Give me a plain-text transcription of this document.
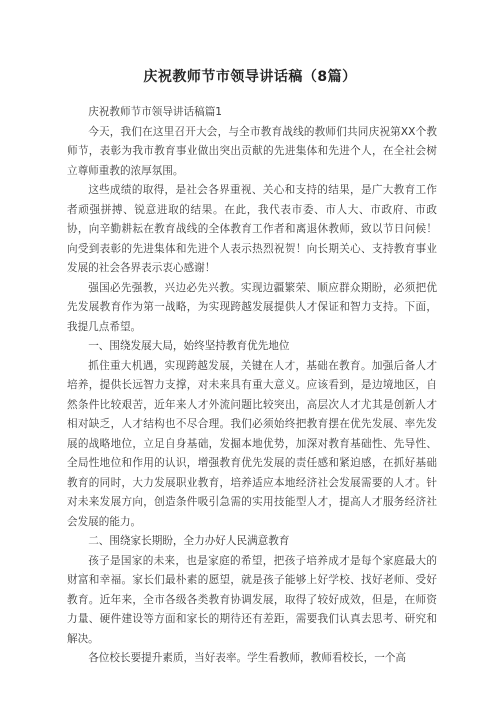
庆祝教师节市领导讲话稿（8篇）

庆祝教师节市领导讲话稿篇1

今天，我们在这里召开大会，与全市教育战线的教师们共同庆祝第XX个教师节，表彰为我市教育事业做出突出贡献的先进集体和先进个人，在全社会树立尊师重教的浓厚氛围。

这些成绩的取得，是社会各界重视、关心和支持的结果，是广大教育工作者顽强拼搏、锐意进取的结果。在此，我代表市委、市人大、市政府、市政协，向辛勤耕耘在教育战线的全体教育工作者和离退休教师，致以节日问候！向受到表彰的先进集体和先进个人表示热烈祝贺！向长期关心、支持教育事业发展的社会各界表示衷心感谢！

强国必先强教，兴边必先兴教。实现边疆繁荣、顺应群众期盼，必须把优先发展教育作为第一战略，为实现跨越发展提供人才保证和智力支持。下面，我提几点希望。

一、围绕发展大局，始终坚持教育优先地位

抓住重大机遇，实现跨越发展，关键在人才，基础在教育。加强后备人才培养，提供长远智力支撑，对未来具有重大意义。应该看到，是边境地区，自然条件比较艰苦，近年来人才外流问题比较突出，高层次人才尤其是创新人才相对缺乏，人才结构也不尽合理。我们必须始终把教育摆在优先发展、率先发展的战略地位，立足自身基础，发掘本地优势，加深对教育基础性、先导性、全局性地位和作用的认识，增强教育优先发展的责任感和紧迫感，在抓好基础教育的同时，大力发展职业教育，培养适应本地经济社会发展需要的人才。针对未来发展方向，创造条件吸引急需的实用技能型人才，提高人才服务经济社会发展的能力。

二、围绕家长期盼，全力办好人民满意教育

孩子是国家的未来，也是家庭的希望，把孩子培养成才是每个家庭最大的财富和幸福。家长们最朴素的愿望，就是孩子能够上好学校、找好老师、受好教育。近年来，全市各级各类教育协调发展，取得了较好成效，但是，在师资力量、硬件建设等方面和家长的期待还有差距，需要我们认真去思考、研究和解决。

各位校长要提升素质，当好表率。学生看教师，教师看校长，一个高
